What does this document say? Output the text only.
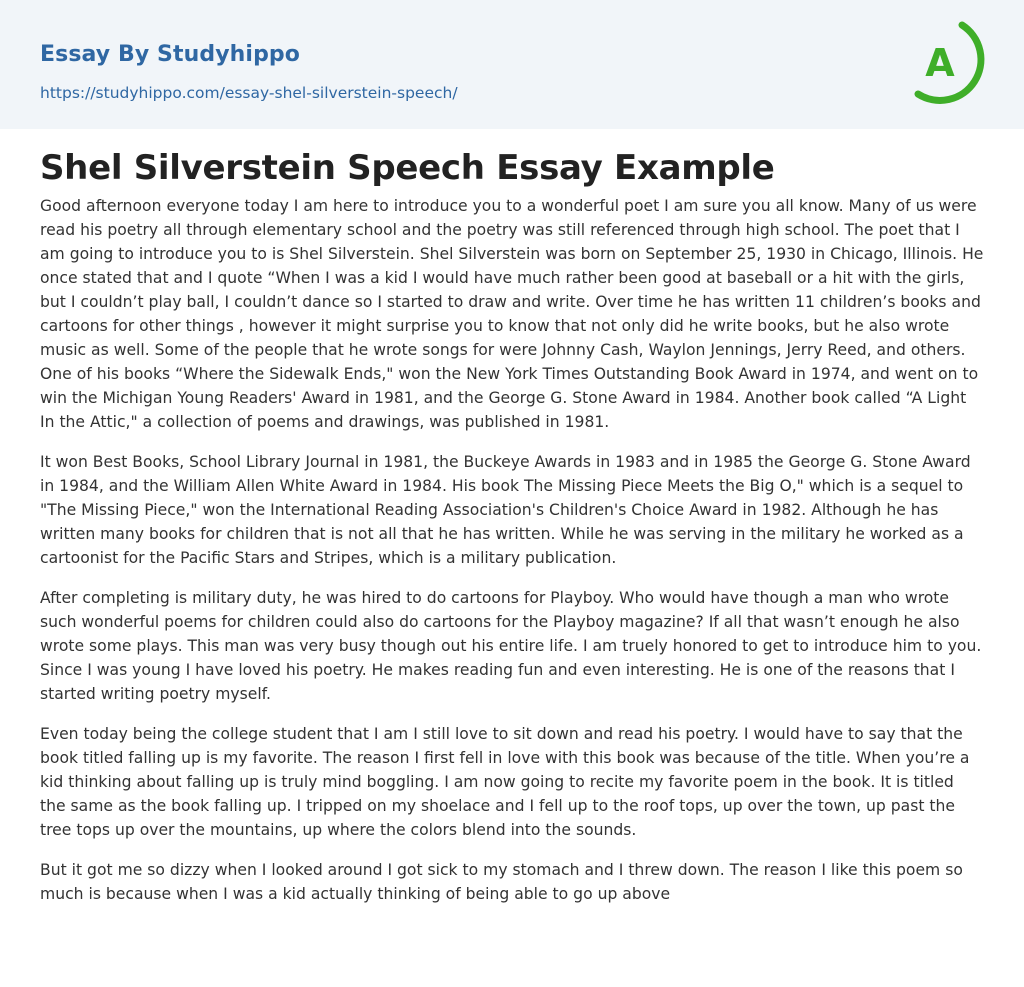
Essay By Studyhippo
https://studyhippo.com/essay-shel-silverstein-speech/
A
Shel Silverstein Speech Essay Example

Good afternoon everyone today I am here to introduce you to a wonderful poet I am sure you all know. Many of us were read his poetry all through elementary school and the poetry was still referenced through high school. The poet that I am going to introduce you to is Shel Silverstein. Shel Silverstein was born on September 25, 1930 in Chicago, Illinois. He once stated that and I quote “When I was a kid I would have much rather been good at baseball or a hit with the girls, but I couldn’t play ball, I couldn’t dance so I started to draw and write. Over time he has written 11 children’s books and cartoons for other things , however it might surprise you to know that not only did he write books, but he also wrote music as well. Some of the people that he wrote songs for were Johnny Cash, Waylon Jennings, Jerry Reed, and others. One of his books “Where the Sidewalk Ends," won the New York Times Outstanding Book Award in 1974, and went on to win the Michigan Young Readers' Award in 1981, and the George G. Stone Award in 1984. Another book called “A Light In the Attic," a collection of poems and drawings, was published in 1981.

It won Best Books, School Library Journal in 1981, the Buckeye Awards in 1983 and in 1985 the George G. Stone Award in 1984, and the William Allen White Award in 1984. His book The Missing Piece Meets the Big O," which is a sequel to "The Missing Piece," won the International Reading Association's Children's Choice Award in 1982. Although he has written many books for children that is not all that he has written. While he was serving in the military he worked as a cartoonist for the Pacific Stars and Stripes, which is a military publication.

After completing is military duty, he was hired to do cartoons for Playboy. Who would have though a man who wrote such wonderful poems for children could also do cartoons for the Playboy magazine? If all that wasn’t enough he also wrote some plays. This man was very busy though out his entire life. I am truely honored to get to introduce him to you. Since I was young I have loved his poetry. He makes reading fun and even interesting. He is one of the reasons that I started writing poetry myself.

Even today being the college student that I am I still love to sit down and read his poetry. I would have to say that the book titled falling up is my favorite. The reason I first fell in love with this book was because of the title. When you’re a kid thinking about falling up is truly mind boggling. I am now going to recite my favorite poem in the book. It is titled the same as the book falling up. I tripped on my shoelace and I fell up to the roof tops, up over the town, up past the tree tops up over the mountains, up where the colors blend into the sounds.

But it got me so dizzy when I looked around I got sick to my stomach and I threw down. The reason I like this poem so much is because when I was a kid actually thinking of being able to go up above
